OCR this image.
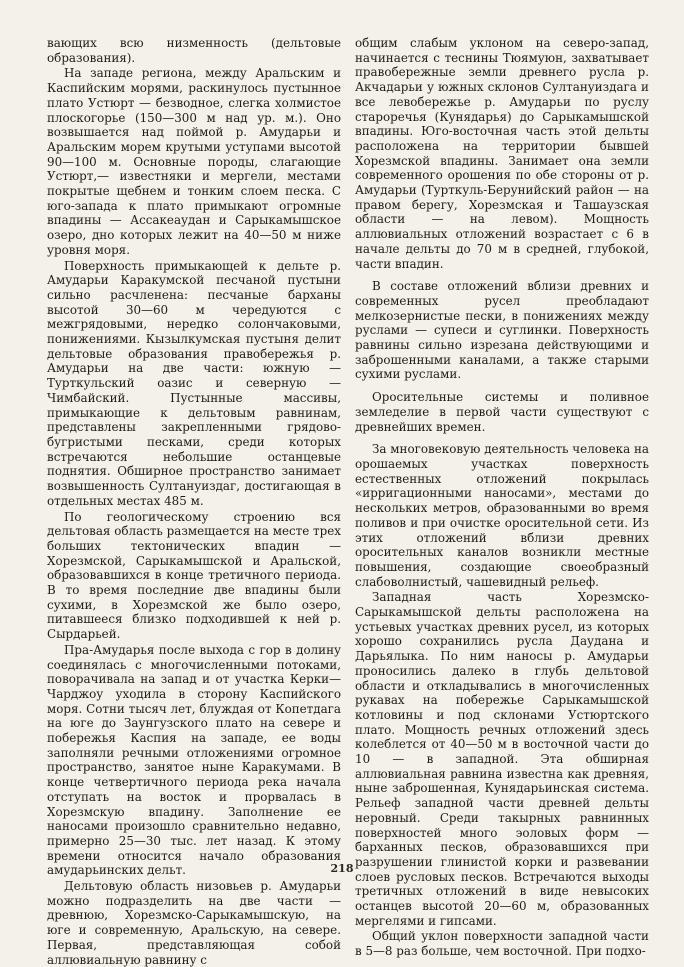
вающих всю низменность (дельтовые образования).

На западе региона, между Аральским и Каспийским морями, раскинулось пустынное плато Устюрт — безводное, слегка холмистое плоскогорье (150—300 м над ур. м.). Оно возвышается над поймой р. Амударьи и Аральским морем крутыми уступами высотой 90—100 м. Основные породы, слагающие Устюрт,— известняки и мергели, местами покрытые щебнем и тонким слоем песка. С юго-запада к плато примыкают огромные впадины — Ассакеаудан и Сарыкамышское озеро, дно которых лежит на 40—50 м ниже уровня моря.

Поверхность примыкающей к дельте р. Амударьи Каракумской песчаной пустыни сильно расчленена: песчаные барханы высотой 30—60 м чередуются с межгрядовыми, нередко солончаковыми, понижениями. Кызылкумская пустыня делит дельтовые образования правобережья р. Амударьи на две части: южную — Турткульский оазис и северную — Чимбайский. Пустынные массивы, примыкающие к дельтовым равнинам, представлены закрепленными грядово-бугристыми песками, среди которых встречаются небольшие останцевые поднятия. Обширное пространство занимает возвышенность Султануиздаг, достигающая в отдельных местах 485 м.

По геологическому строению вся дельтовая область размещается на месте трех больших тектонических впадин — Хорезмской, Сарыкамышской и Аральской, образовавшихся в конце третичного периода. В то время последние две впадины были сухими, в Хорезмской же было озеро, питавшееся близко подходившей к ней р. Сырдарьей.

Пра-Амударья после выхода с гор в долину соединялась с многочисленными потоками, поворачивала на запад и от участка Керки—Чарджоу уходила в сторону Каспийского моря. Сотни тысяч лет, блуждая от Копетдага на юге до Заунгузского плато на севере и побережья Каспия на западе, ее воды заполняли речными отложениями огромное пространство, занятое ныне Каракумами. В конце четвертичного периода река начала отступать на восток и прорвалась в Хорезмскую впадину. Заполнение ее наносами произошло сравнительно недавно, примерно 25—30 тыс. лет назад. К этому времени относится начало образования амударьинских дельт.

Дельтовую область низовьев р. Амударьи можно подразделить на две части — древнюю, Хорезмско-Сарыкамышскую, на юге и современную, Аральскую, на севере. Первая, представляющая собой аллювиальную равнину с

общим слабым уклоном на северо-запад, начинается с теснины Тюямуюн, захватывает правобережные земли древнего русла р. Акчадарьи у южных склонов Султануиздага и все левобережье р. Амударьи по руслу староречья (Кунядарья) до Сарыкамышской впадины. Юго-восточная часть этой дельты расположена на территории бывшей Хорезмской впадины. Занимает она земли современного орошения по обе стороны от р. Амударьи (Турткуль-Берунийский район — на правом берегу, Хорезмская и Ташаузская области — на левом). Мощность аллювиальных отложений возрастает с 6 в начале дельты до 70 м в средней, глубокой, части впадин.

В составе отложений вблизи древних и современных русел преобладают мелкозернистые пески, в понижениях между руслами — супеси и суглинки. Поверхность равнины сильно изрезана действующими и заброшенными каналами, а также старыми сухими руслами.

Оросительные системы и поливное земледелие в первой части существуют с древнейших времен.

За многовековую деятельность человека на орошаемых участках поверхность естественных отложений покрылась «ирригационными наносами», местами до нескольких метров, образованными во время поливов и при очистке оросительной сети. Из этих отложений вблизи древних оросительных каналов возникли местные повышения, создающие своеобразный слабоволнистый, чашевидный рельеф.

Западная часть Хорезмско-Сарыкамышской дельты расположена на устьевых участках древних русел, из которых хорошо сохранились русла Даудана и Дарьялыка. По ним наносы р. Амударьи проносились далеко в глубь дельтовой области и откладывались в многочисленных рукавах на побережье Сарыкамышской котловины и под склонами Устюртского плато. Мощность речных отложений здесь колеблется от 40—50 м в восточной части до 10 — в западной. Эта обширная аллювиальная равнина известна как древняя, ныне заброшенная, Кунядарьинская система. Рельеф западной части древней дельты неровный. Среди такырных равнинных поверхностей много эоловых форм — барханных песков, образовавшихся при разрушении глинистой корки и развевании слоев русловых песков. Встречаются выходы третичных отложений в виде невысоких останцев высотой 20—60 м, образованных мергелями и гипсами.

Общий уклон поверхности западной части в 5—8 раз больше, чем восточной. При подхо-

218
